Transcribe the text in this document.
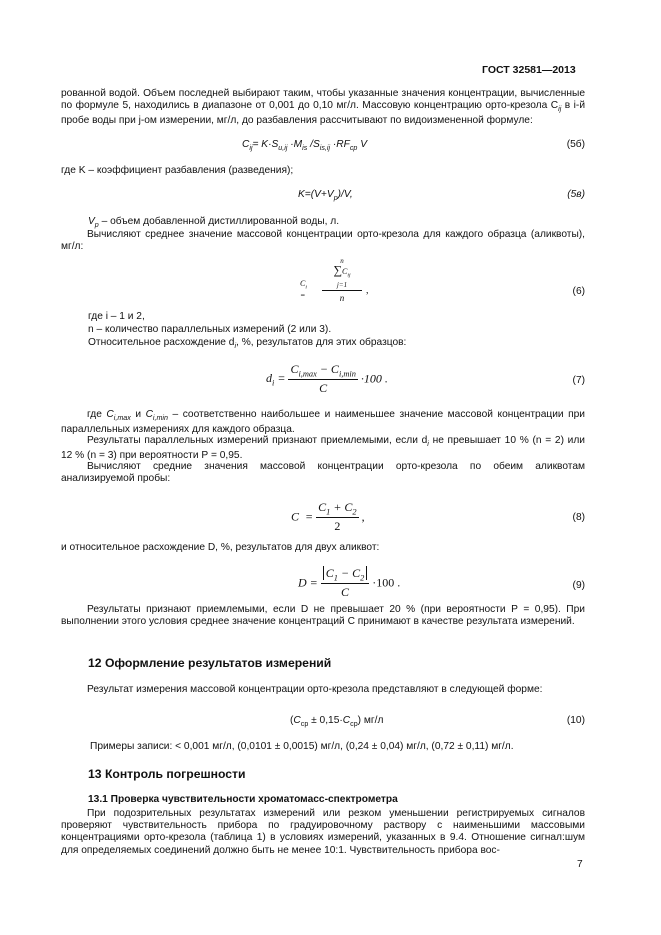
ГОСТ 32581—2013
рованной водой. Объем последней выбирают таким, чтобы указанные значения концентрации, вычисленные по формуле 5, находились в диапазоне от 0,001 до 0,10 мг/л. Массовую концентрацию орто-крезола $C_{ij}$ в i-й пробе воды при j-ом измерении, мг/л, до разбавления рассчитывают по видоизмененной формуле:
$C_{ij}= K\cdot S_{и,ij} \cdot M_{is}$ $/S_{is,ij} \cdot RF_{ср}$ V	(5б)
где K – коэффициент разбавления (разведения);
$K=(V+V_p)/V$,	(5в)
$V_p$ – объем добавленной дистиллированной воды, л.
Вычисляют среднее значение массовой концентрации орто-крезола для каждого образца (аликвоты), мг/л:
$C_i$ =
n
$\sum C_{ij}$
j=1
n
,	(6)
где i – 1 и 2,
n – количество параллельных измерений (2 или 3).
Относительное расхождение $d_i$, %, результатов для этих образцов:
$d_i = \frac{C_{i,max} - C_{i,min}}{C} \cdot 100$ .	(7)
где $C_{i,max}$ и $C_{i,min}$ – соответственно наибольшее и наименьшее значение массовой концентрации при параллельных измерениях для каждого образца.
Результаты параллельных измерений признают приемлемыми, если $d_i$ не превышает 10 % (n = 2) или 12 % (n = 3) при вероятности Р = 0,95.
Вычисляют средние значения массовой концентрации орто-крезола по обеим аликвотам анализируемой пробы:
$C = \frac{C_1 + C_2}{2}$ ,	(8)
и относительное расхождение D, %, результатов для двух аликвот:
$D = \frac{C_1 - C_2}{C} \cdot 100$ .	(9)
Результаты признают приемлемыми, если D не превышает 20 % (при вероятности Р = 0,95). При выполнении этого условия среднее значение концентраций C принимают в качестве результата измерений.
12 Оформление результатов измерений
Результат измерения массовой концентрации орто-крезола представляют в следующей форме:
$(C_{ср} \pm 0,15\cdot C_{ср})$ мг/л	(10)
Примеры записи: < 0,001 мг/л, (0,0101 ± 0,0015) мг/л, (0,24 ± 0,04) мг/л, (0,72 ± 0,11) мг/л.
13 Контроль погрешности
13.1 Проверка чувствительности хроматомасс-спектрометра
При подозрительных результатах измерений или резком уменьшении регистрируемых сигналов проверяют чувствительность прибора по градуировочному раствору с наименьшими массовыми концентрациями орто-крезола (таблица 1) в условиях измерений, указанных в 9.4. Отношение сигнал:шум для определяемых соединений должно быть не менее 10:1. Чувствительность прибора вос-
7
